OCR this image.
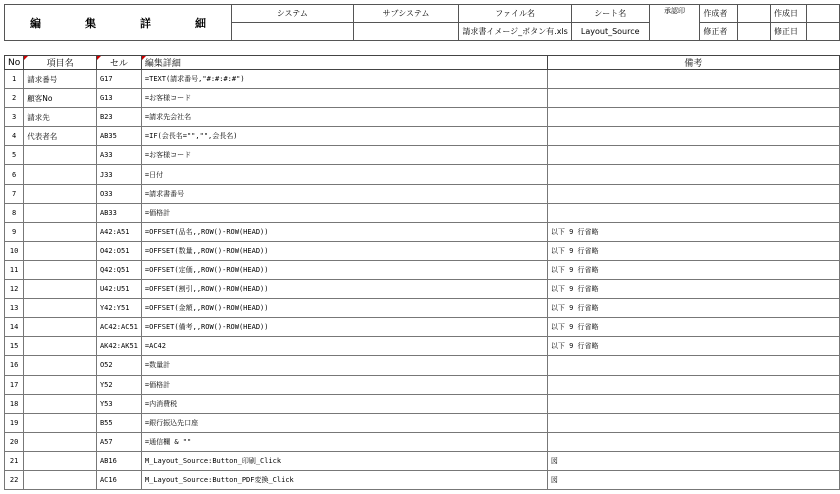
編 集 詳 細	システム	サブシステム	ファイル名	シート名	承認印	作成者		作成日	
			請求書イメージ_ボタン有.xls	Layout_Source		修正者		修正日	
No	項目名	セル	編集詳細	備考
1	請求番号	G17	=TEXT(請求番号,"#:#:#:#")	
2	顧客No	G13	=お客様コード	
3	請求先	B23	=請求先会社名	
4	代表者名	AB35	=IF(会長名="","",会長名)	
5		A33	=お客様コード	
6		J33	=日付	
7		O33	=請求書番号	
8		AB33	=価格計	
9		A42:A51	=OFFSET(品名,,ROW()-ROW(HEAD))	以下 9 行省略
10		O42:O51	=OFFSET(数量,,ROW()-ROW(HEAD))	以下 9 行省略
11		Q42:Q51	=OFFSET(定価,,ROW()-ROW(HEAD))	以下 9 行省略
12		U42:U51	=OFFSET(割引,,ROW()-ROW(HEAD))	以下 9 行省略
13		Y42:Y51	=OFFSET(金額,,ROW()-ROW(HEAD))	以下 9 行省略
14		AC42:AC51	=OFFSET(備考,,ROW()-ROW(HEAD))	以下 9 行省略
15		AK42:AK51	=AC42	以下 9 行省略
16		O52	=数量計	
17		Y52	=価格計	
18		Y53	=内消費税	
19		B55	=銀行振込先口座	
20		A57	=通信欄 & ""	
21		AB16	M_Layout_Source:Button_印刷_Click	図
22		AC16	M_Layout_Source:Button_PDF変換_Click	図
